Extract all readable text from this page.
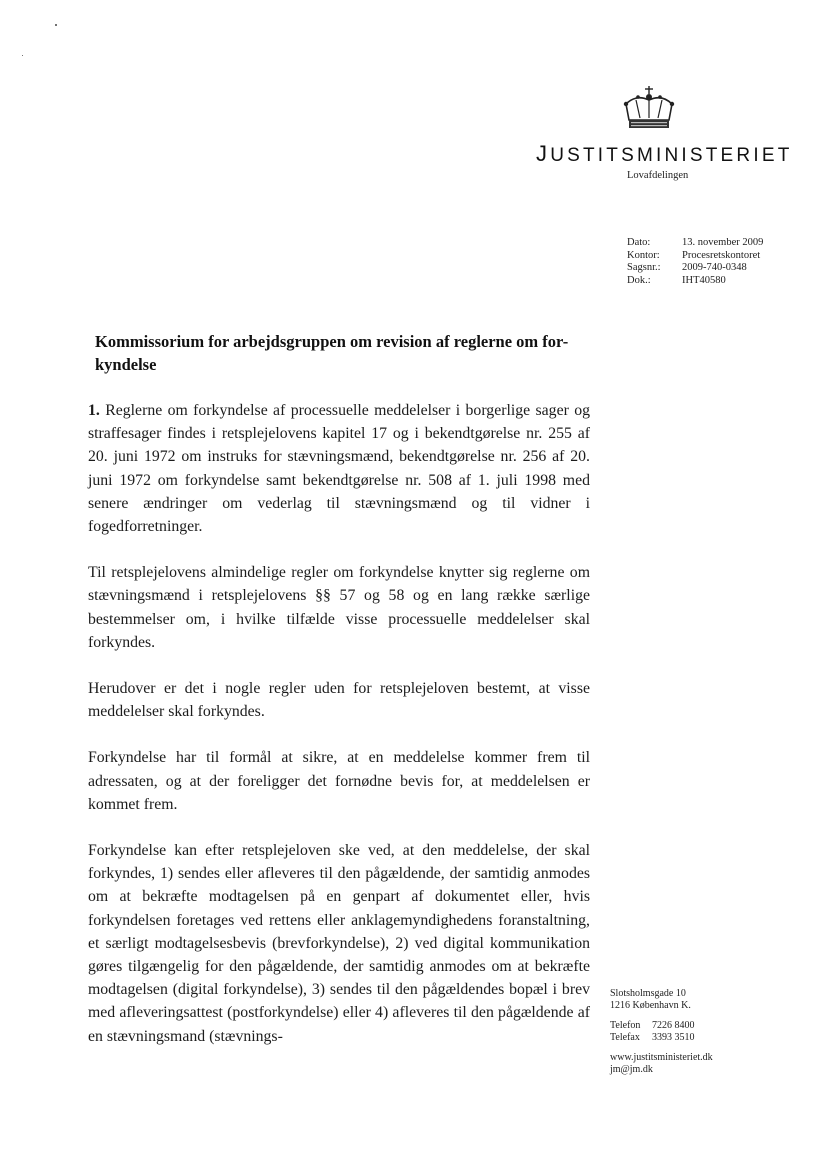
JUSTITSMINISTERIET
Lovafdelingen
Dato:	13. november 2009
Kontor:	Procesretskontoret
Sagsnr.:	2009-740-0348
Dok.:	IHT40580
Kommissorium for arbejdsgruppen om revision af reglerne om for-kyndelse

1. Reglerne om forkyndelse af processuelle meddelelser i borgerlige sager og straffesager findes i retsplejelovens kapitel 17 og i bekendtgørelse nr. 255 af 20. juni 1972 om instruks for stævningsmænd, bekendtgørelse nr. 256 af 20. juni 1972 om forkyndelse samt bekendtgørelse nr. 508 af 1. juli 1998 med senere ændringer om vederlag til stævningsmænd og til vidner i fogedforretninger.

Til retsplejelovens almindelige regler om forkyndelse knytter sig reglerne om stævningsmænd i retsplejelovens §§ 57 og 58 og en lang række særlige bestemmelser om, i hvilke tilfælde visse processuelle meddelelser skal forkyndes.

Herudover er det i nogle regler uden for retsplejeloven bestemt, at visse meddelelser skal forkyndes.

Forkyndelse har til formål at sikre, at en meddelelse kommer frem til adressaten, og at der foreligger det fornødne bevis for, at meddelelsen er kommet frem.

Forkyndelse kan efter retsplejeloven ske ved, at den meddelelse, der skal forkyndes, 1) sendes eller afleveres til den pågældende, der samtidig anmodes om at bekræfte modtagelsen på en genpart af dokumentet eller, hvis forkyndelsen foretages ved rettens eller anklagemyndighedens foranstaltning, et særligt modtagelsesbevis (brevforkyndelse), 2) ved digital kommunikation gøres tilgængelig for den pågældende, der samtidig anmodes om at bekræfte modtagelsen (digital forkyndelse), 3) sendes til den pågældendes bopæl i brev med afleveringsattest (postforkyndelse) eller 4) afleveres til den pågældende af en stævningsmand (stævnings-

Slotsholmsgade 10
1216 København K.
Telefon	7226 8400
Telefax	3393 3510
www.justitsministeriet.dk
jm@jm.dk
